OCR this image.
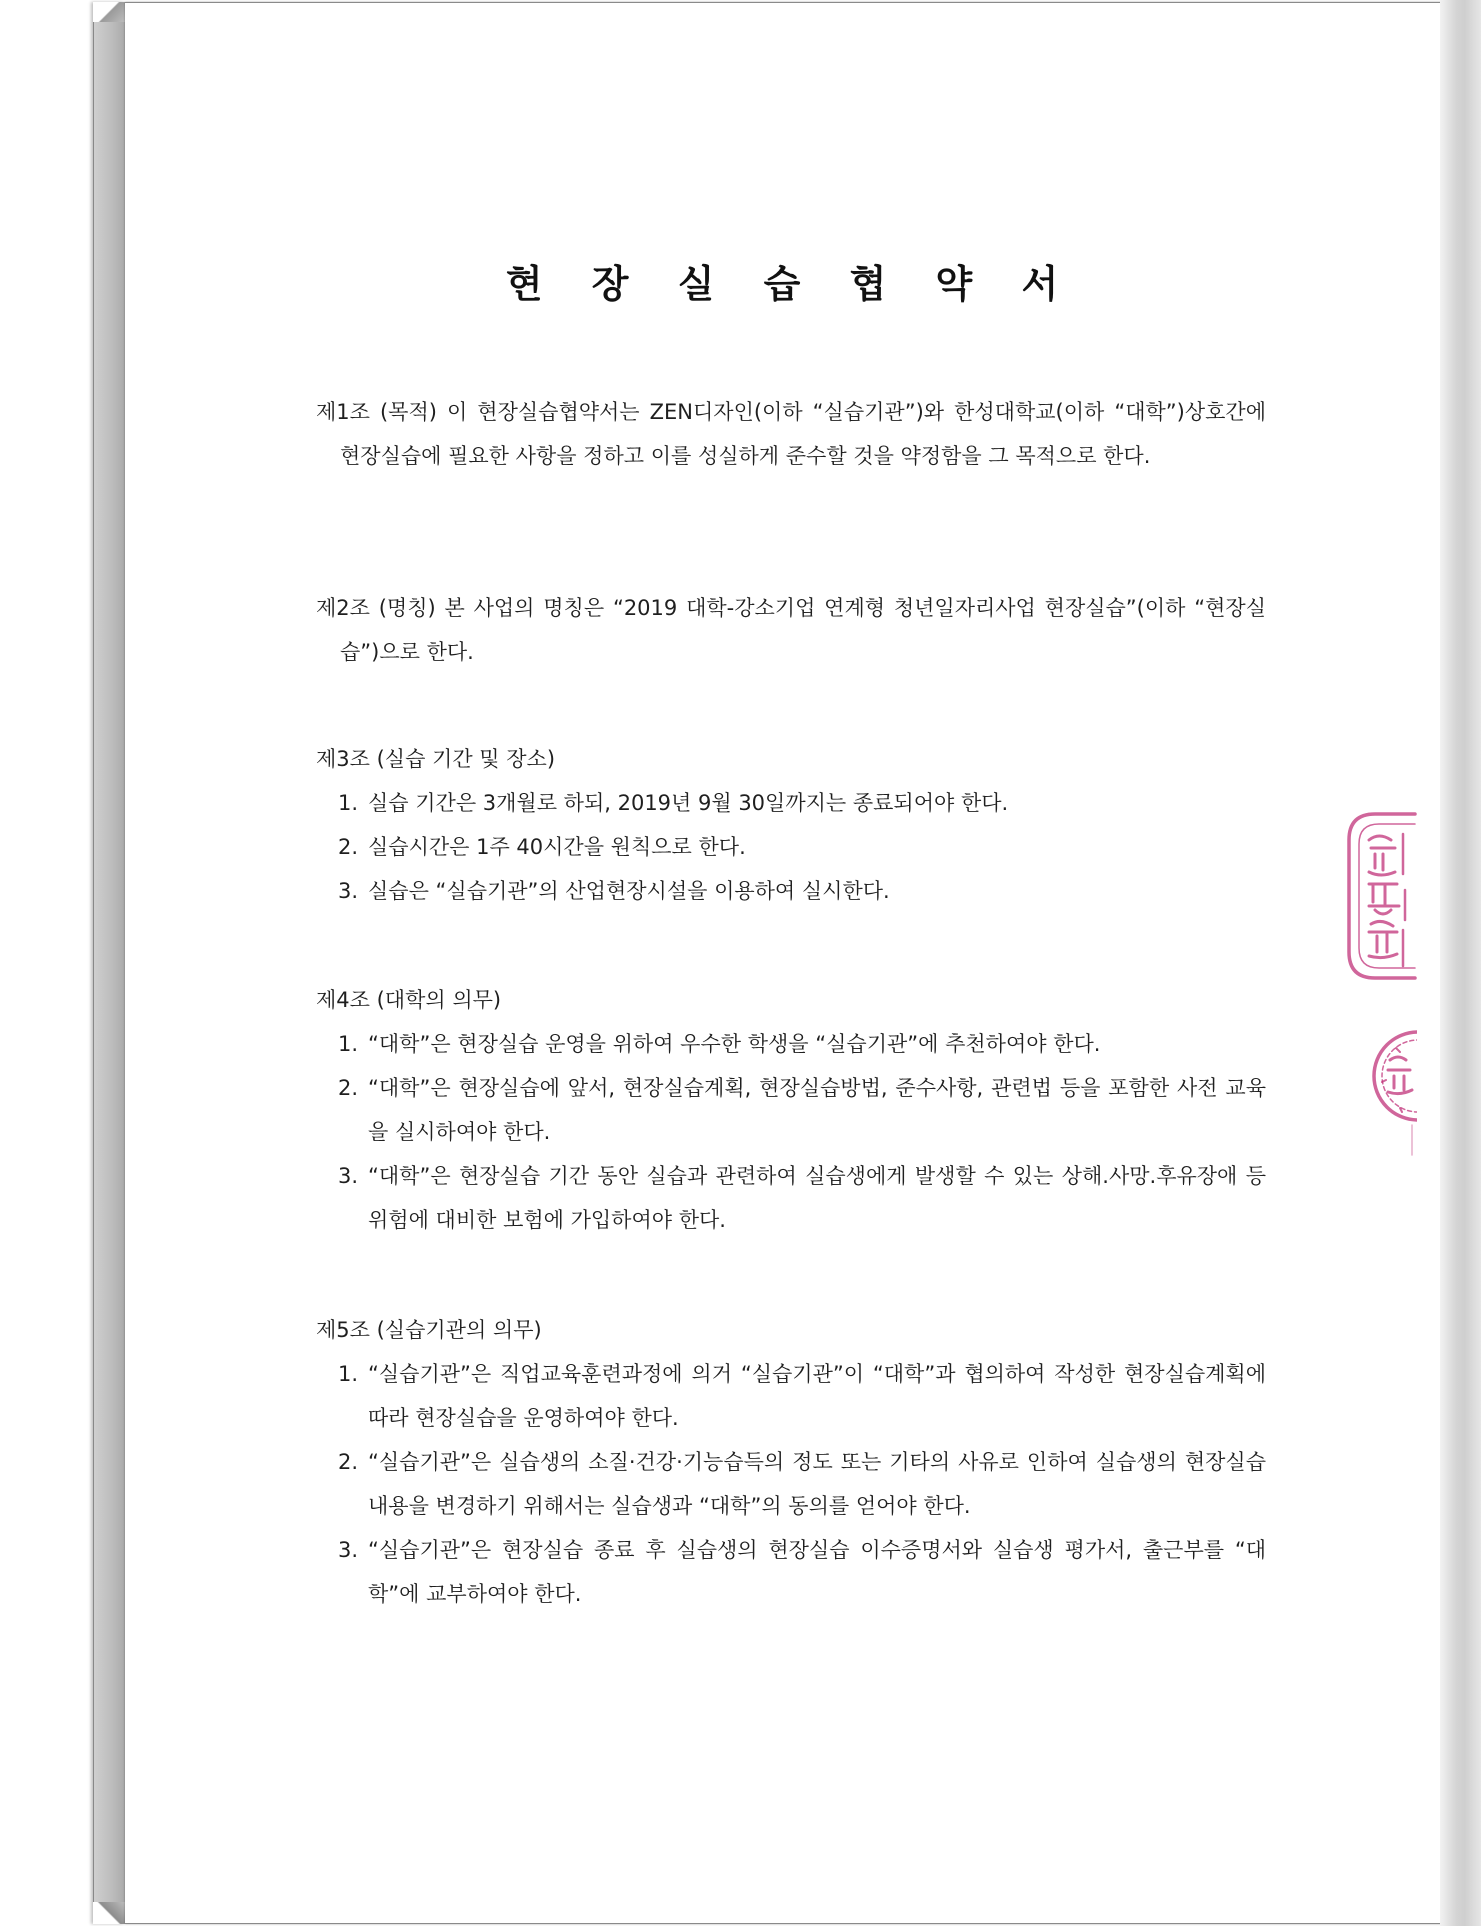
현 장 실 습 협 약 서

제1조 (목적) 이 현장실습협약서는 ZEN디자인(이하 “실습기관”)와 한성대학교(이하 “대학”)상호간에 현장실습에 필요한 사항을 정하고 이를 성실하게 준수할 것을 약정함을 그 목적으로 한다.

제2조 (명칭) 본 사업의 명칭은 “2019 대학-강소기업 연계형 청년일자리사업 현장실습”(이하 “현장실습”)으로 한다.

제3조 (실습 기간 및 장소)

1. 실습 기간은 3개월로 하되, 2019년 9월 30일까지는 종료되어야 한다.
2. 실습시간은 1주 40시간을 원칙으로 한다.
3. 실습은 “실습기관”의 산업현장시설을 이용하여 실시한다.

제4조 (대학의 의무)

1. “대학”은 현장실습 운영을 위하여 우수한 학생을 “실습기관”에 추천하여야 한다.
2. “대학”은 현장실습에 앞서, 현장실습계획, 현장실습방법, 준수사항, 관련법 등을 포함한 사전 교육을 실시하여야 한다.
3. “대학”은 현장실습 기간 동안 실습과 관련하여 실습생에게 발생할 수 있는 상해.사망.후유장애 등 위험에 대비한 보험에 가입하여야 한다.

제5조 (실습기관의 의무)

1. “실습기관”은 직업교육훈련과정에 의거 “실습기관”이 “대학”과 협의하여 작성한 현장실습계획에 따라 현장실습을 운영하여야 한다.
2. “실습기관”은 실습생의 소질·건강·기능습득의 정도 또는 기타의 사유로 인하여 실습생의 현장실습내용을 변경하기 위해서는 실습생과 “대학”의 동의를 얻어야 한다.
3. “실습기관”은 현장실습 종료 후 실습생의 현장실습 이수증명서와 실습생 평가서, 출근부를 “대학”에 교부하여야 한다.
